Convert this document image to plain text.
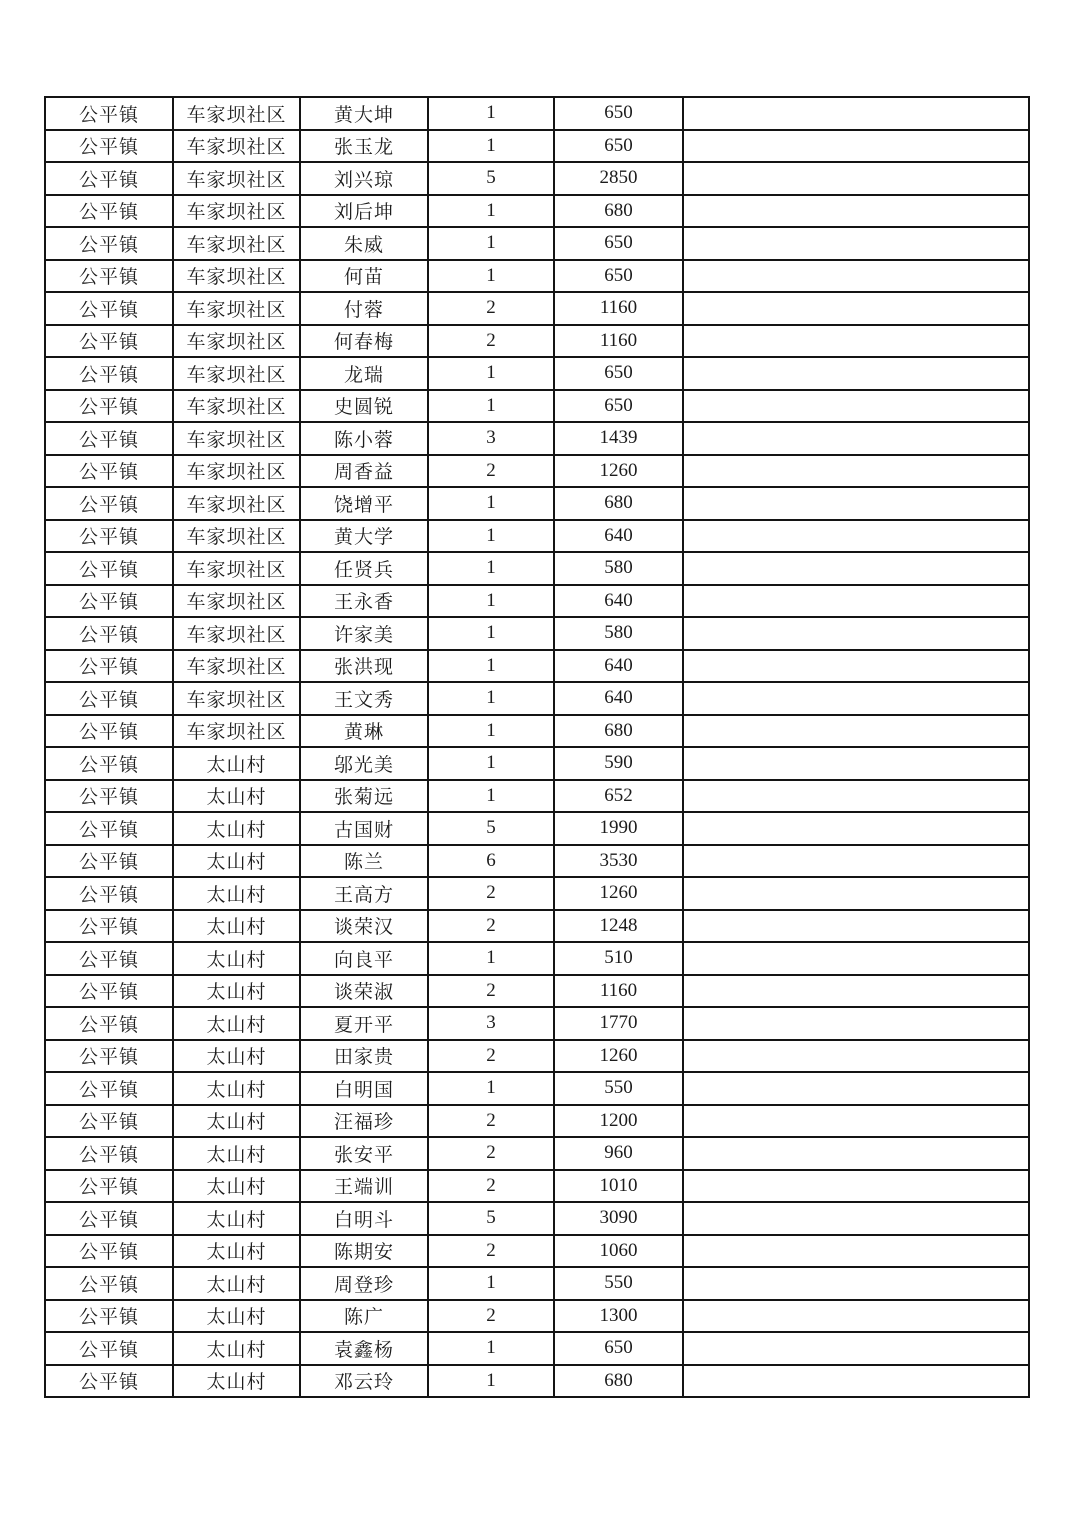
公平镇	车家坝社区	黄大坤	1	650	
公平镇	车家坝社区	张玉龙	1	650	
公平镇	车家坝社区	刘兴琼	5	2850	
公平镇	车家坝社区	刘后坤	1	680	
公平镇	车家坝社区	朱威	1	650	
公平镇	车家坝社区	何苗	1	650	
公平镇	车家坝社区	付蓉	2	1160	
公平镇	车家坝社区	何春梅	2	1160	
公平镇	车家坝社区	龙瑞	1	650	
公平镇	车家坝社区	史圆锐	1	650	
公平镇	车家坝社区	陈小蓉	3	1439	
公平镇	车家坝社区	周香益	2	1260	
公平镇	车家坝社区	饶增平	1	680	
公平镇	车家坝社区	黄大学	1	640	
公平镇	车家坝社区	任贤兵	1	580	
公平镇	车家坝社区	王永香	1	640	
公平镇	车家坝社区	许家美	1	580	
公平镇	车家坝社区	张洪现	1	640	
公平镇	车家坝社区	王文秀	1	640	
公平镇	车家坝社区	黄琳	1	680	
公平镇	太山村	邬光美	1	590	
公平镇	太山村	张菊远	1	652	
公平镇	太山村	古国财	5	1990	
公平镇	太山村	陈兰	6	3530	
公平镇	太山村	王高方	2	1260	
公平镇	太山村	谈荣汉	2	1248	
公平镇	太山村	向良平	1	510	
公平镇	太山村	谈荣淑	2	1160	
公平镇	太山村	夏开平	3	1770	
公平镇	太山村	田家贵	2	1260	
公平镇	太山村	白明国	1	550	
公平镇	太山村	汪福珍	2	1200	
公平镇	太山村	张安平	2	960	
公平镇	太山村	王端训	2	1010	
公平镇	太山村	白明斗	5	3090	
公平镇	太山村	陈期安	2	1060	
公平镇	太山村	周登珍	1	550	
公平镇	太山村	陈广	2	1300	
公平镇	太山村	袁鑫杨	1	650	
公平镇	太山村	邓云玲	1	680	
